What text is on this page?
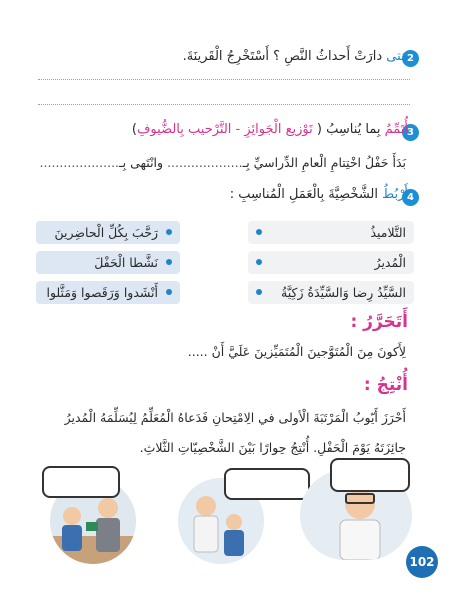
2
مَتى دارَتْ أَحداثُ النَّصِ ؟ أَسْتَخْرِجُ الْقَرينَةَ.
3
أُتَمِّمُ بِما يُناسِبُ ( تَوْزيع الْجَوائِزِ - التَّرْحيب بِالضُّيوفِ)
بَدَأَ حَفْلُ اخْتِتامِ الْعامِ الدِّراسيِّ بِـ................... وانْتَهى بِـ....................
4
أَرْبُطُ الشَّخْصِيَّةَ بِالْعَمَلِ الْمُناسِبِ :
التَّلاميذُ
الْمُديرُ
السَّيِّدُ رِضا وَالسَّيِّدَةُ زَكِيَّةُ
رَحَّبَ بِكُلِّ الْحاضِرينَ
نَشَّطا الْحَفْلَ
أَنْشَدوا وَرَقَصوا وَمَثَّلوا
أَتَحَرَّرُ :
لِأَكونَ مِنَ الْمُتَوَّجينَ الْمُتَمَيِّزينَ عَلَيَّ أَنْ .....
أُنْتِجُ :
أَحْرَزَ أَيّوبُ الْمَرْتَبَةَ الْأولى في الِامْتِحانِ فَدَعاهُ الْمُعَلِّمُ لِيُسَلِّمَهُ الْمُديرُ
جائِزَتَهُ يَوْمَ الْحَفْلِ. أُنْتِجُ حِوارًا بَيْنَ الشَّخْصِيّاتِ الثَّلاثِ.
102
